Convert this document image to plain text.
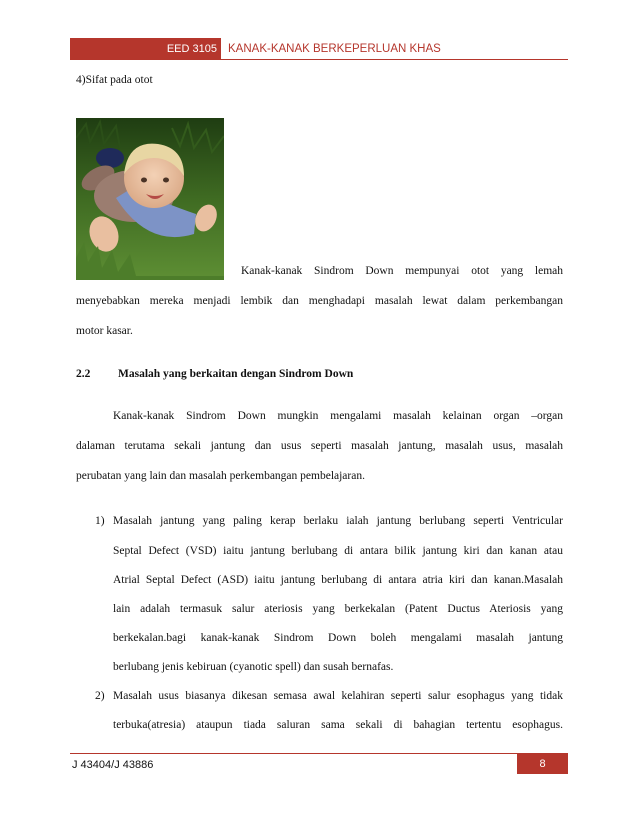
EED 3105 KANAK-KANAK BERKEPERLUAN KHAS
4)Sifat pada otot
Kanak-kanak Sindrom Down mempunyai otot yang lemah
menyebabkan mereka menjadi lembik dan menghadapi masalah lewat dalam perkembangan
motor kasar.
2.2 Masalah yang berkaitan dengan Sindrom Down
Kanak-kanak Sindrom Down mungkin mengalami masalah kelainan organ –organ
dalaman terutama sekali jantung dan usus seperti masalah jantung, masalah usus, masalah
perubatan yang lain dan masalah perkembangan pembelajaran.
1) Masalah jantung yang paling kerap berlaku ialah jantung berlubang seperti Ventricular
Septal Defect (VSD) iaitu jantung berlubang di antara bilik jantung kiri dan kanan atau
Atrial Septal Defect (ASD) iaitu jantung berlubang di antara atria kiri dan kanan.Masalah
lain adalah termasuk salur ateriosis yang berkekalan (Patent Ductus Ateriosis yang
berkekalan.bagi kanak-kanak Sindrom Down boleh mengalami masalah jantung
berlubang jenis kebiruan (cyanotic spell) dan susah bernafas.
2) Masalah usus biasanya dikesan semasa awal kelahiran seperti salur esophagus yang tidak
terbuka(atresia) ataupun tiada saluran sama sekali di bahagian tertentu esophagus.
J 43404/J 43886	8
